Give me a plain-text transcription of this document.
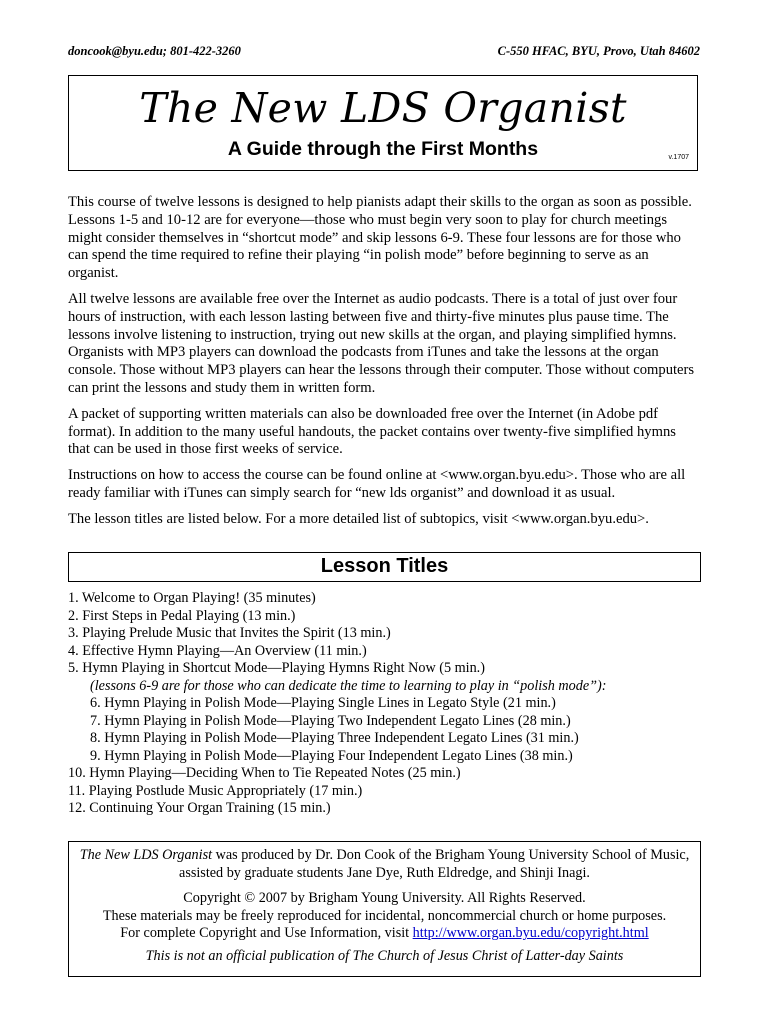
doncook@byu.edu; 801-422-3260	C-550 HFAC, BYU, Provo, Utah 84602
The New LDS Organist
A Guide through the First Months	v.1707

This course of twelve lessons is designed to help pianists adapt their skills to the organ as soon as possible. Lessons 1-5 and 10-12 are for everyone—those who must begin very soon to play for church meetings might consider themselves in “shortcut mode” and skip lessons 6-9. These four lessons are for those who can spend the time required to refine their playing “in polish mode” before beginning to serve as an organist.

All twelve lessons are available free over the Internet as audio podcasts. There is a total of just over four hours of instruction, with each lesson lasting between five and thirty-five minutes plus pause time. The lessons involve listening to instruction, trying out new skills at the organ, and playing simplified hymns. Organists with MP3 players can download the podcasts from iTunes and take the lessons at the organ console. Those without MP3 players can hear the lessons through their computer. Those without computers can print the lessons and study them in written form.

A packet of supporting written materials can also be downloaded free over the Internet (in Adobe pdf format). In addition to the many useful handouts, the packet contains over twenty-five simplified hymns that can be used in those first weeks of service.

Instructions on how to access the course can be found online at <www.organ.byu.edu>. Those who are all ready familiar with iTunes can simply search for “new lds organist” and download it as usual.

The lesson titles are listed below. For a more detailed list of subtopics, visit <www.organ.byu.edu>.

Lesson Titles
1. Welcome to Organ Playing! (35 minutes)
2. First Steps in Pedal Playing (13 min.)
3. Playing Prelude Music that Invites the Spirit (13 min.)
4. Effective Hymn Playing—An Overview (11 min.)
5. Hymn Playing in Shortcut Mode—Playing Hymns Right Now (5 min.)
(lessons 6-9 are for those who can dedicate the time to learning to play in “polish mode”):
6. Hymn Playing in Polish Mode—Playing Single Lines in Legato Style (21 min.)
7. Hymn Playing in Polish Mode—Playing Two Independent Legato Lines (28 min.)
8. Hymn Playing in Polish Mode—Playing Three Independent Legato Lines (31 min.)
9. Hymn Playing in Polish Mode—Playing Four Independent Legato Lines (38 min.)
10. Hymn Playing—Deciding When to Tie Repeated Notes (25 min.)
11. Playing Postlude Music Appropriately (17 min.)
12. Continuing Your Organ Training (15 min.)

The New LDS Organist was produced by Dr. Don Cook of the Brigham Young University School of Music, assisted by graduate students Jane Dye, Ruth Eldredge, and Shinji Inagi.

Copyright © 2007 by Brigham Young University. All Rights Reserved.

These materials may be freely reproduced for incidental, noncommercial church or home purposes.

For complete Copyright and Use Information, visit http://www.organ.byu.edu/copyright.html

This is not an official publication of The Church of Jesus Christ of Latter-day Saints
